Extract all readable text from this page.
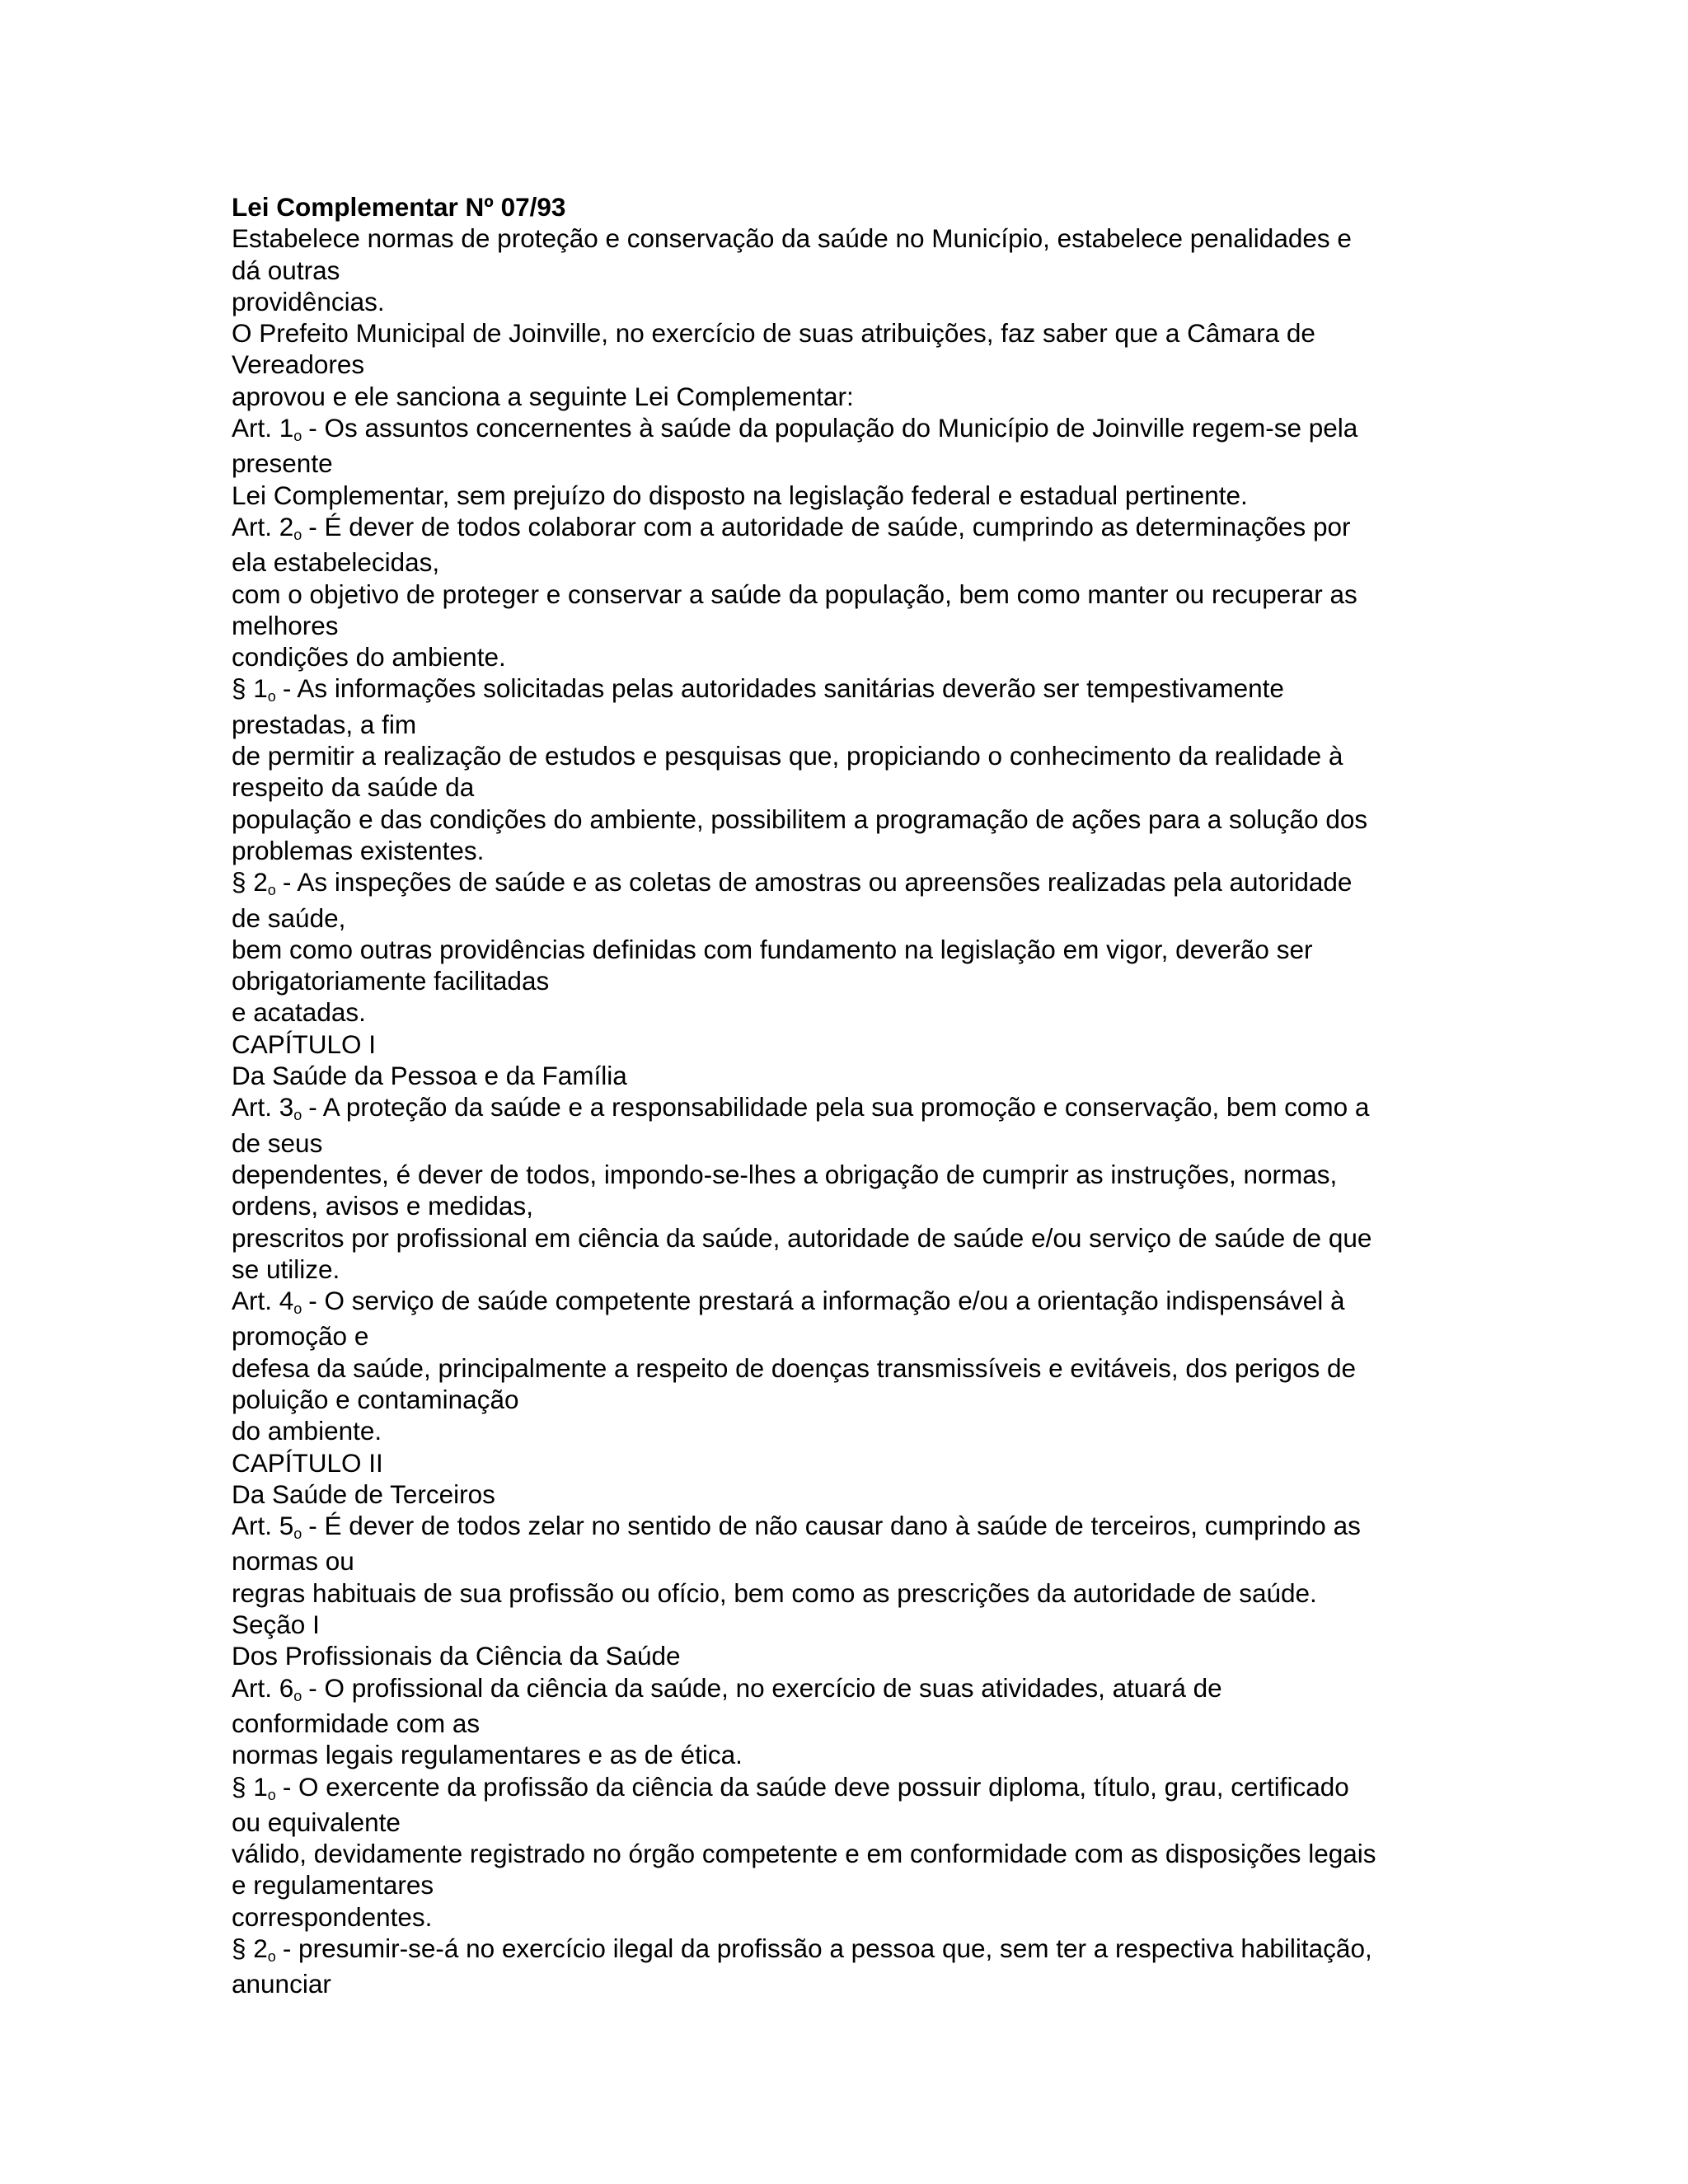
Lei Complementar Nº 07/93
Estabelece normas de proteção e conservação da saúde no Município, estabelece penalidades e
dá outras
providências.
O Prefeito Municipal de Joinville, no exercício de suas atribuições, faz saber que a Câmara de
Vereadores
aprovou e ele sanciona a seguinte Lei Complementar:
Art. 1o - Os assuntos concernentes à saúde da população do Município de Joinville regem-se pela
presente
Lei Complementar, sem prejuízo do disposto na legislação federal e estadual pertinente.
Art. 2o - É dever de todos colaborar com a autoridade de saúde, cumprindo as determinações por
ela estabelecidas,
com o objetivo de proteger e conservar a saúde da população, bem como manter ou recuperar as
melhores
condições do ambiente.
§ 1o - As informações solicitadas pelas autoridades sanitárias deverão ser tempestivamente
prestadas, a fim
de permitir a realização de estudos e pesquisas que, propiciando o conhecimento da realidade à
respeito da saúde da
população e das condições do ambiente, possibilitem a programação de ações para a solução dos
problemas existentes.
§ 2o - As inspeções de saúde e as coletas de amostras ou apreensões realizadas pela autoridade
de saúde,
bem como outras providências definidas com fundamento na legislação em vigor, deverão ser
obrigatoriamente facilitadas
e acatadas.
CAPÍTULO I
Da Saúde da Pessoa e da Família
Art. 3o - A proteção da saúde e a responsabilidade pela sua promoção e conservação, bem como a
de seus
dependentes, é dever de todos, impondo-se-lhes a obrigação de cumprir as instruções, normas,
ordens, avisos e medidas,
prescritos por profissional em ciência da saúde, autoridade de saúde e/ou serviço de saúde de que
se utilize.
Art. 4o - O serviço de saúde competente prestará a informação e/ou a orientação indispensável à
promoção e
defesa da saúde, principalmente a respeito de doenças transmissíveis e evitáveis, dos perigos de
poluição e contaminação
do ambiente.
CAPÍTULO II
Da Saúde de Terceiros
Art. 5o - É dever de todos zelar no sentido de não causar dano à saúde de terceiros, cumprindo as
normas ou
regras habituais de sua profissão ou ofício, bem como as prescrições da autoridade de saúde.
Seção I
Dos Profissionais da Ciência da Saúde
Art. 6o - O profissional da ciência da saúde, no exercício de suas atividades, atuará de
conformidade com as
normas legais regulamentares e as de ética.
§ 1o - O exercente da profissão da ciência da saúde deve possuir diploma, título, grau, certificado
ou equivalente
válido, devidamente registrado no órgão competente e em conformidade com as disposições legais
e regulamentares
correspondentes.
§ 2o - presumir-se-á no exercício ilegal da profissão a pessoa que, sem ter a respectiva habilitação,
anunciar
